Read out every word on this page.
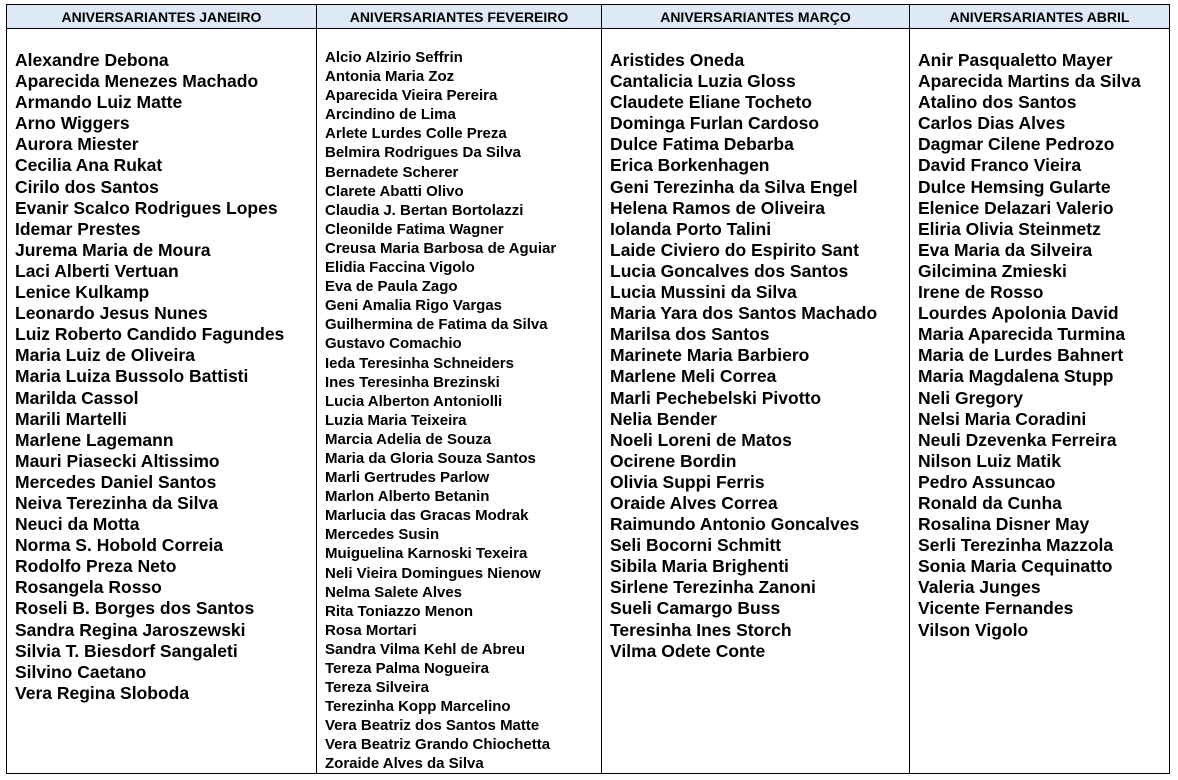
ANIVERSARIANTES JANEIRO
Alexandre Debona
Aparecida Menezes Machado
Armando Luiz Matte
Arno Wiggers
Aurora Miester
Cecilia Ana Rukat
Cirilo dos Santos
Evanir Scalco Rodrigues Lopes
Idemar Prestes
Jurema Maria de Moura
Laci Alberti Vertuan
Lenice Kulkamp
Leonardo Jesus Nunes
Luiz Roberto Candido Fagundes
Maria Luiz de Oliveira
Maria Luiza Bussolo Battisti
Marilda Cassol
Marili Martelli
Marlene Lagemann
Mauri Piasecki Altissimo
Mercedes Daniel Santos
Neiva Terezinha da Silva
Neuci da Motta
Norma S. Hobold Correia
Rodolfo Preza Neto
Rosangela Rosso
Roseli B. Borges dos Santos
Sandra Regina Jaroszewski
Silvia T. Biesdorf Sangaleti
Silvino Caetano
Vera Regina Sloboda
ANIVERSARIANTES FEVEREIRO
Alcio Alzirio Seffrin
Antonia Maria Zoz
Aparecida Vieira Pereira
Arcindino de Lima
Arlete Lurdes Colle Preza
Belmira Rodrigues Da Silva
Bernadete Scherer
Clarete Abatti Olivo
Claudia J. Bertan Bortolazzi
Cleonilde Fatima Wagner
Creusa Maria Barbosa de Aguiar
Elidia Faccina Vigolo
Eva de Paula Zago
Geni Amalia Rigo Vargas
Guilhermina de Fatima da Silva
Gustavo Comachio
Ieda Teresinha Schneiders
Ines Teresinha Brezinski
Lucia Alberton Antoniolli
Luzia Maria Teixeira
Marcia Adelia de Souza
Maria da Gloria Souza Santos
Marli Gertrudes Parlow
Marlon Alberto Betanin
Marlucia das Gracas Modrak
Mercedes Susin
Muiguelina Karnoski Texeira
Neli Vieira Domingues Nienow
Nelma Salete Alves
Rita Toniazzo Menon
Rosa Mortari
Sandra Vilma Kehl de Abreu
Tereza Palma Nogueira
Tereza Silveira
Terezinha Kopp Marcelino
Vera Beatriz dos Santos Matte
Vera Beatriz Grando Chiochetta
Zoraide Alves da Silva
ANIVERSARIANTES MARÇO
Aristides Oneda
Cantalicia Luzia Gloss
Claudete Eliane Tocheto
Dominga Furlan Cardoso
Dulce Fatima Debarba
Erica Borkenhagen
Geni Terezinha da Silva Engel
Helena Ramos de Oliveira
Iolanda Porto Talini
Laide Civiero do Espirito Sant
Lucia Goncalves dos Santos
Lucia Mussini da Silva
Maria Yara dos Santos Machado
Marilsa dos Santos
Marinete Maria Barbiero
Marlene Meli Correa
Marli Pechebelski Pivotto
Nelia Bender
Noeli Loreni de Matos
Ocirene Bordin
Olivia Suppi Ferris
Oraide Alves Correa
Raimundo Antonio Goncalves
Seli Bocorni Schmitt
Sibila Maria Brighenti
Sirlene Terezinha Zanoni
Sueli Camargo Buss
Teresinha Ines Storch
Vilma Odete Conte
ANIVERSARIANTES ABRIL
Anir Pasqualetto Mayer
Aparecida Martins da Silva
Atalino dos Santos
Carlos Dias Alves
Dagmar Cilene Pedrozo
David Franco Vieira
Dulce Hemsing Gularte
Elenice Delazari Valerio
Eliria Olivia Steinmetz
Eva Maria da Silveira
Gilcimina Zmieski
Irene de Rosso
Lourdes Apolonia David
Maria Aparecida Turmina
Maria de Lurdes Bahnert
Maria Magdalena Stupp
Neli Gregory
Nelsi Maria Coradini
Neuli Dzevenka Ferreira
Nilson Luiz Matik
Pedro Assuncao
Ronald da Cunha
Rosalina Disner May
Serli Terezinha Mazzola
Sonia Maria Cequinatto
Valeria Junges
Vicente Fernandes
Vilson Vigolo
